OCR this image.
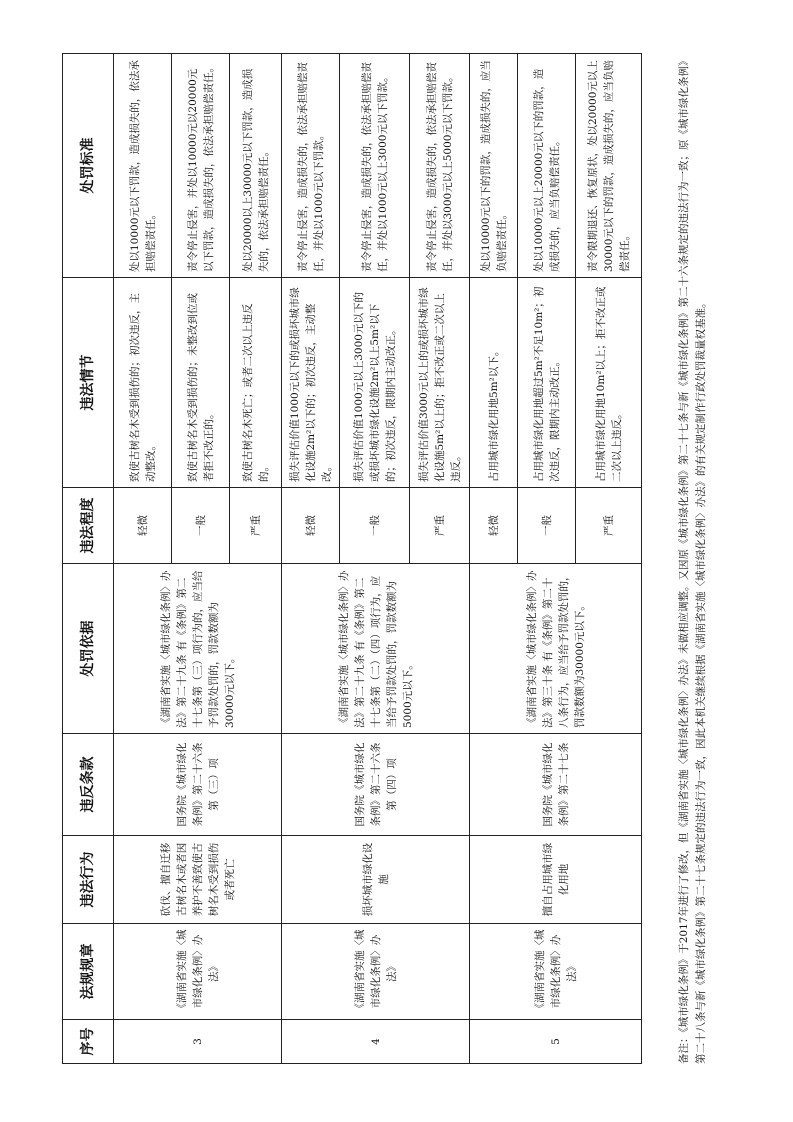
序号	法规规章	违法行为	违反条款	处罚依据	违法程度	违法情节	处罚标准
3	《湖南省实施〈城市绿化条例〉办法》	砍伐、擅自迁移古树名木或者因养护不善致使古树名木受到损伤或者死亡	国务院《城市绿化条例》第二十六条第（三）项	《湖南省实施〈城市绿化条例〉办法》第二十九条 有《条例》第二十七条第（三）项行为的，应当给予罚款处罚的，罚款数额为30000元以下。	轻微	致使古树名木受到损伤的；初次违反，主动整改。	处以10000元以下罚款，造成损失的，依法承担赔偿责任。
					一般	致使古树名木受到损伤的；未整改到位或者拒不改正的。	责令停止侵害，并处以10000元以20000元以下罚款，造成损失的，依法承担赔偿责任。
					严重	致使古树名木死亡；或者二次以上违反的。	处以20000以上30000元以下罚款，造成损失的，依法承担赔偿责任。
4	《湖南省实施〈城市绿化条例〉办法》	损坏城市绿化设施	国务院《城市绿化条例》第二十六条第（四）项	《湖南省实施〈城市绿化条例〉办法》第二十九条 有《条例》第二十七条第（二）（四）项行为，应当给予罚款处罚的，罚款数额为5000元以下。	轻微	损失评估价值1000元以下的或损坏城市绿化设施2m²以下的；初次违反，主动整改。	责令停止侵害，造成损失的，依法承担赔偿责任，并处以1000元以下罚款。
					一般	损失评估价值1000元以上3000元以下的或损坏城市绿化设施2m²以上5m²以下的；初次违反，限期内主动改正。	责令停止侵害，造成损失的，依法承担赔偿责任，并处以1000元以上3000元以下罚款。
					严重	损失评估价值3000元以上的或损坏城市绿化设施5m²以上的；拒不改正或二次以上违反。	责令停止侵害，造成损失的，依法承担赔偿责任，并处以3000元以上5000元以下罚款。
5	《湖南省实施〈城市绿化条例〉办法》	擅自占用城市绿化用地	国务院《城市绿化条例》第二十七条	《湖南省实施〈城市绿化条例〉办法》第三十条 有《条例》第二十八条行为，应当给予罚款处罚的，罚款数额为30000元以下。	轻微	占用城市绿化用地5m²以下。	处以10000元以下的罚款，造成损失的，应当负赔偿责任。
					一般	占用城市绿化用地超过5m²不足10m²；初次违反，限期内主动改正。	处以10000元以上20000元以下的罚款，造成损失的，应当负赔偿责任。
					严重	占用城市绿化用地10m²以上；拒不改正或二次以上违反。	责令限期退还、恢复原状，处以20000元以上30000元以下的罚款，造成损失的，应当负赔偿责任。	备注：《城市绿化条例》于2017年进行了修改，但《湖南省实施〈城市绿化条例〉办法》未做相应调整。又因原《城市绿化条例》第二十七条与新《城市绿化条例》第二十六条规定的违法行为一致；原《城市绿化条例》第二十八条与新《城市绿化条例》第二十七条规定的违法行为一致，因此本机关继续根据《湖南省实施〈城市绿化条例〉办法》的有关规定制作行政处罚裁量权基准。
